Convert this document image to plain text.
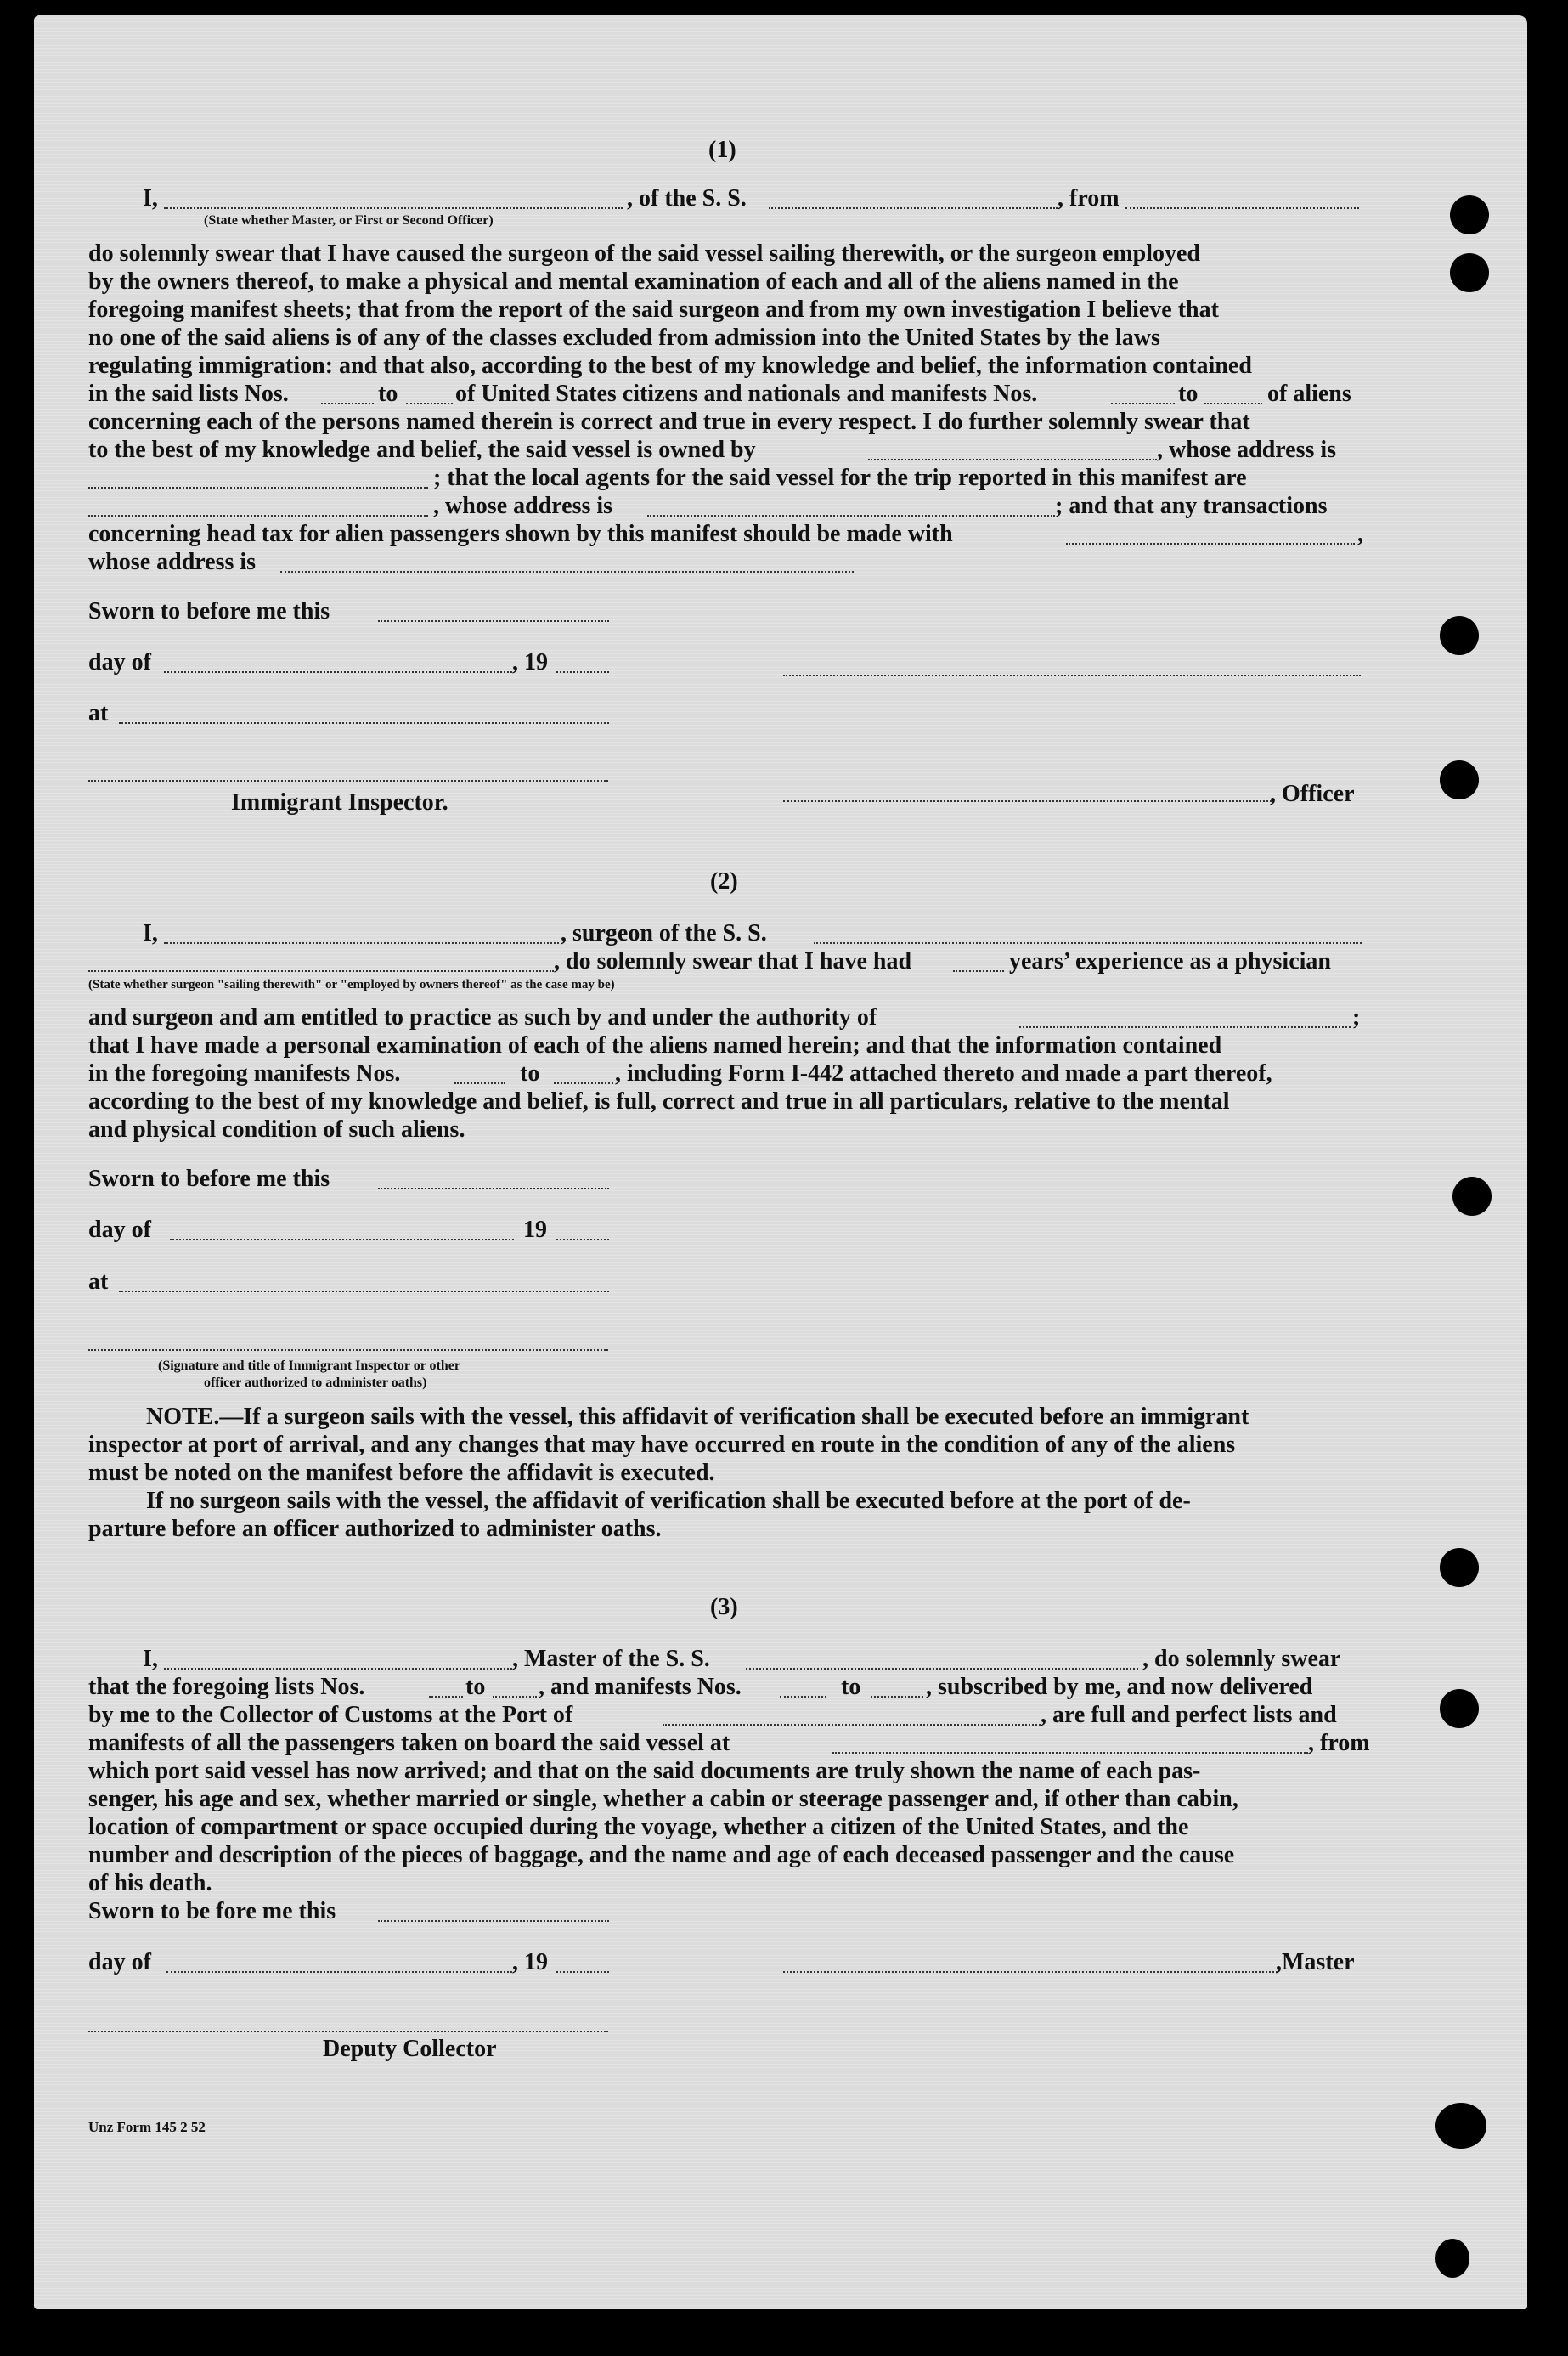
(1)
I,	, of the S. S.	, from
(State whether Master, or First or Second Officer)
do solemnly swear that I have caused the surgeon of the said vessel sailing therewith, or the surgeon employed
by the owners thereof, to make a physical and mental examination of each and all of the aliens named in the
foregoing manifest sheets; that from the report of the said surgeon and from my own investigation I believe that
no one of the said aliens is of any of the classes excluded from admission into the United States by the laws
regulating immigration: and that also, according to the best of my knowledge and belief, the information contained
in the said lists Nos.	to of United States citizens and nationals and manifests Nos.	to	of aliens
concerning each of the persons named therein is correct and true in every respect. I do further solemnly swear that
to the best of my knowledge and belief, the said vessel is owned by	, whose address is
; that the local agents for the said vessel for the trip reported in this manifest are
, whose address is	; and that any transactions
concerning head tax for alien passengers shown by this manifest should be made with	,
whose address is
Sworn to before me this
day of	, 19
at
Immigrant Inspector.	, Officer
(2)
I,	, surgeon of the S. S.
, do solemnly swear that I have had	years’ experience as a physician
(State whether surgeon "sailing therewith" or "employed by owners thereof" as the case may be)
and surgeon and am entitled to practice as such by and under the authority of	;
that I have made a personal examination of each of the aliens named herein; and that the information contained
in the foregoing manifests Nos.	to	, including Form I-442 attached thereto and made a part thereof,
according to the best of my knowledge and belief, is full, correct and true in all particulars, relative to the mental
and physical condition of such aliens.
Sworn to before me this
day of	19
at
(Signature and title of Immigrant Inspector or other
officer authorized to administer oaths)
NOTE.—If a surgeon sails with the vessel, this affidavit of verification shall be executed before an immigrant
inspector at port of arrival, and any changes that may have occurred en route in the condition of any of the aliens
must be noted on the manifest before the affidavit is executed.
If no surgeon sails with the vessel, the affidavit of verification shall be executed before at the port of de-
parture before an officer authorized to administer oaths.
(3)
I,	, Master of the S. S.	, do solemnly swear
that the foregoing lists Nos.	to , and manifests Nos.	to	, subscribed by me, and now delivered
by me to the Collector of Customs at the Port of	, are full and perfect lists and
manifests of all the passengers taken on board the said vessel at	, from
which port said vessel has now arrived; and that on the said documents are truly shown the name of each pas-
senger, his age and sex, whether married or single, whether a cabin or steerage passenger and, if other than cabin,
location of compartment or space occupied during the voyage, whether a citizen of the United States, and the
number and description of the pieces of baggage, and the name and age of each deceased passenger and the cause
of his death.
Sworn to be fore me this
day of	, 19	,Master
Deputy Collector
Unz Form 145 2 52
